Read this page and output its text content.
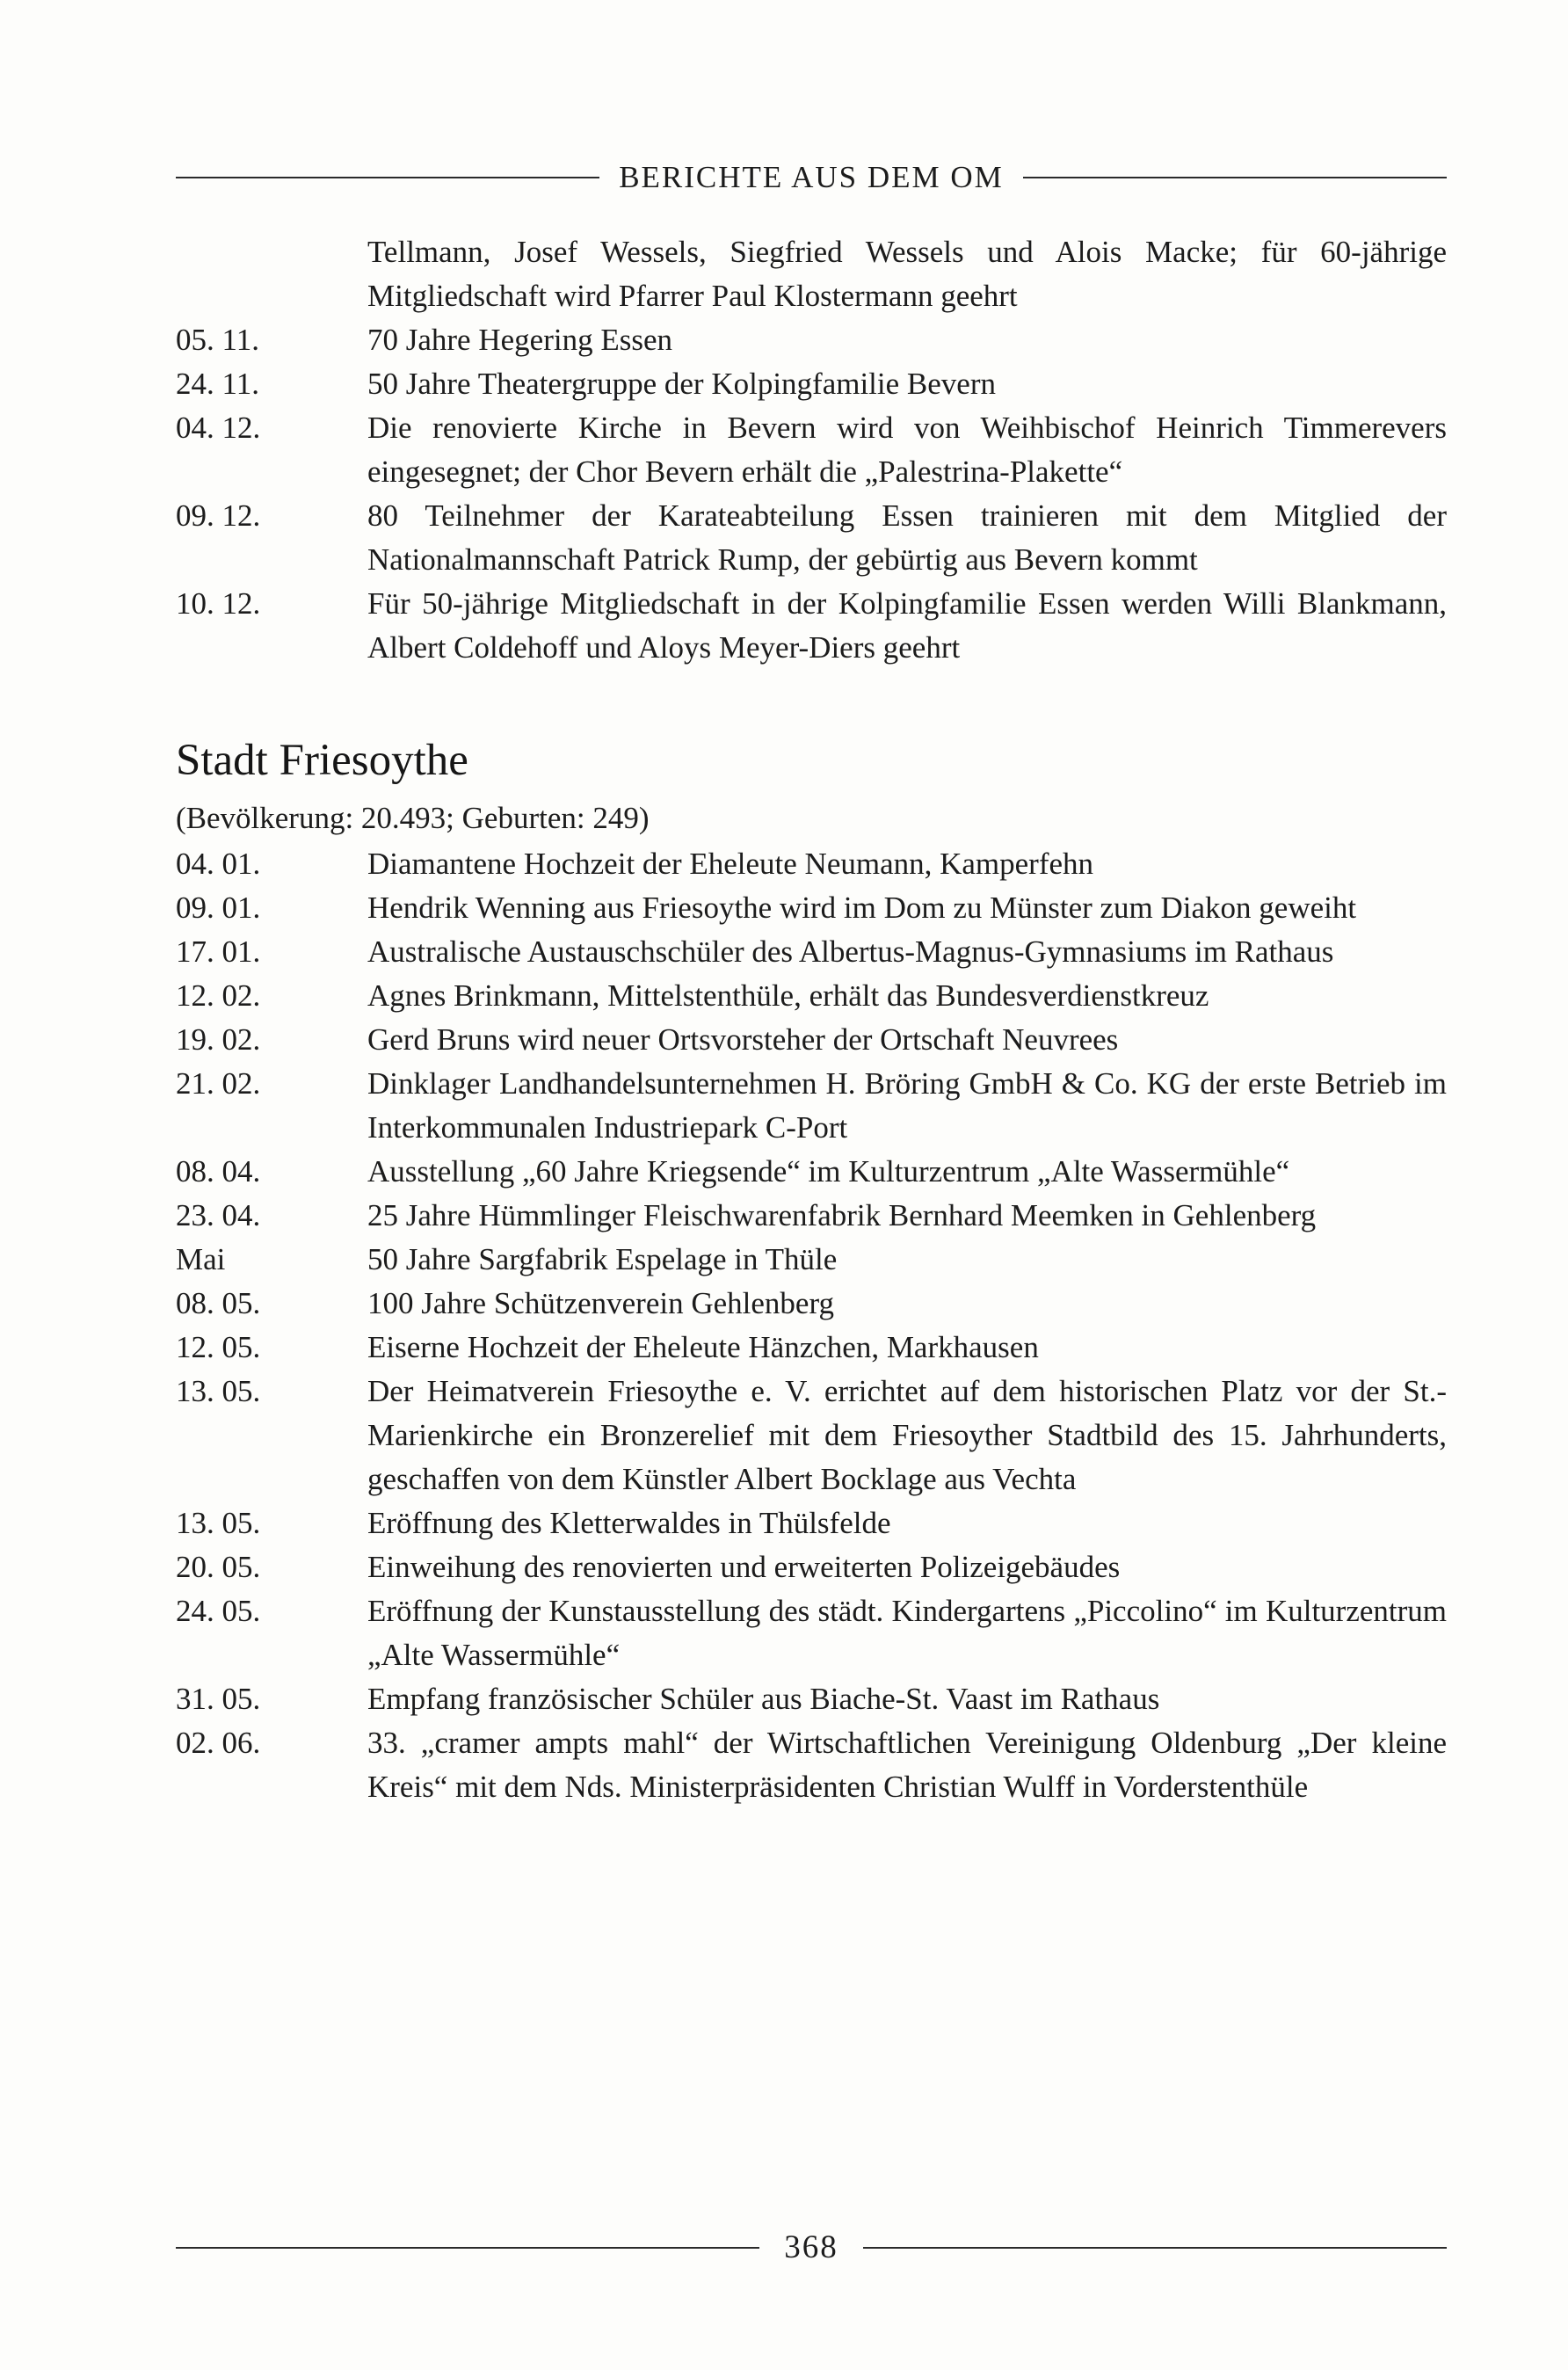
BERICHTE AUS DEM OM
Tellmann, Josef Wessels, Siegfried Wessels und Alois Macke; für 60-jährige Mitgliedschaft wird Pfarrer Paul Klostermann geehrt
05. 11.	70 Jahre Hegering Essen
24. 11.	50 Jahre Theatergruppe der Kolpingfamilie Bevern
04. 12.	Die renovierte Kirche in Bevern wird von Weihbischof Heinrich Timmerevers eingesegnet; der Chor Bevern erhält die „Palestrina-Plakette“
09. 12.	80 Teilnehmer der Karateabteilung Essen trainieren mit dem Mitglied der Nationalmannschaft Patrick Rump, der gebürtig aus Bevern kommt
10. 12.	Für 50-jährige Mitgliedschaft in der Kolpingfamilie Essen werden Willi Blankmann, Albert Coldehoff und Aloys Meyer-Diers geehrt
Stadt Friesoythe

(Bevölkerung: 20.493; Geburten: 249)

04. 01.	Diamantene Hochzeit der Eheleute Neumann, Kamperfehn
09. 01.	Hendrik Wenning aus Friesoythe wird im Dom zu Münster zum Diakon geweiht
17. 01.	Australische Austauschschüler des Albertus-Magnus-Gymnasiums im Rathaus
12. 02.	Agnes Brinkmann, Mittelstenthüle, erhält das Bundesverdienstkreuz
19. 02.	Gerd Bruns wird neuer Ortsvorsteher der Ortschaft Neuvrees
21. 02.	Dinklager Landhandelsunternehmen H. Bröring GmbH & Co. KG der erste Betrieb im Interkommunalen Industriepark C-Port
08. 04.	Ausstellung „60 Jahre Kriegsende“ im Kulturzentrum „Alte Wassermühle“
23. 04.	25 Jahre Hümmlinger Fleischwarenfabrik Bernhard Meemken in Gehlenberg
Mai	50 Jahre Sargfabrik Espelage in Thüle
08. 05.	100 Jahre Schützenverein Gehlenberg
12. 05.	Eiserne Hochzeit der Eheleute Hänzchen, Markhausen
13. 05.	Der Heimatverein Friesoythe e. V. errichtet auf dem historischen Platz vor der St.-Marienkirche ein Bronzerelief mit dem Friesoyther Stadtbild des 15. Jahrhunderts, geschaffen von dem Künstler Albert Bocklage aus Vechta
13. 05.	Eröffnung des Kletterwaldes in Thülsfelde
20. 05.	Einweihung des renovierten und erweiterten Polizeigebäudes
24. 05.	Eröffnung der Kunstausstellung des städt. Kindergartens „Piccolino“ im Kulturzentrum „Alte Wassermühle“
31. 05.	Empfang französischer Schüler aus Biache-St. Vaast im Rathaus
02. 06.	33. „cramer ampts mahl“ der Wirtschaftlichen Vereinigung Oldenburg „Der kleine Kreis“ mit dem Nds. Ministerpräsidenten Christian Wulff in Vorderstenthüle
368
